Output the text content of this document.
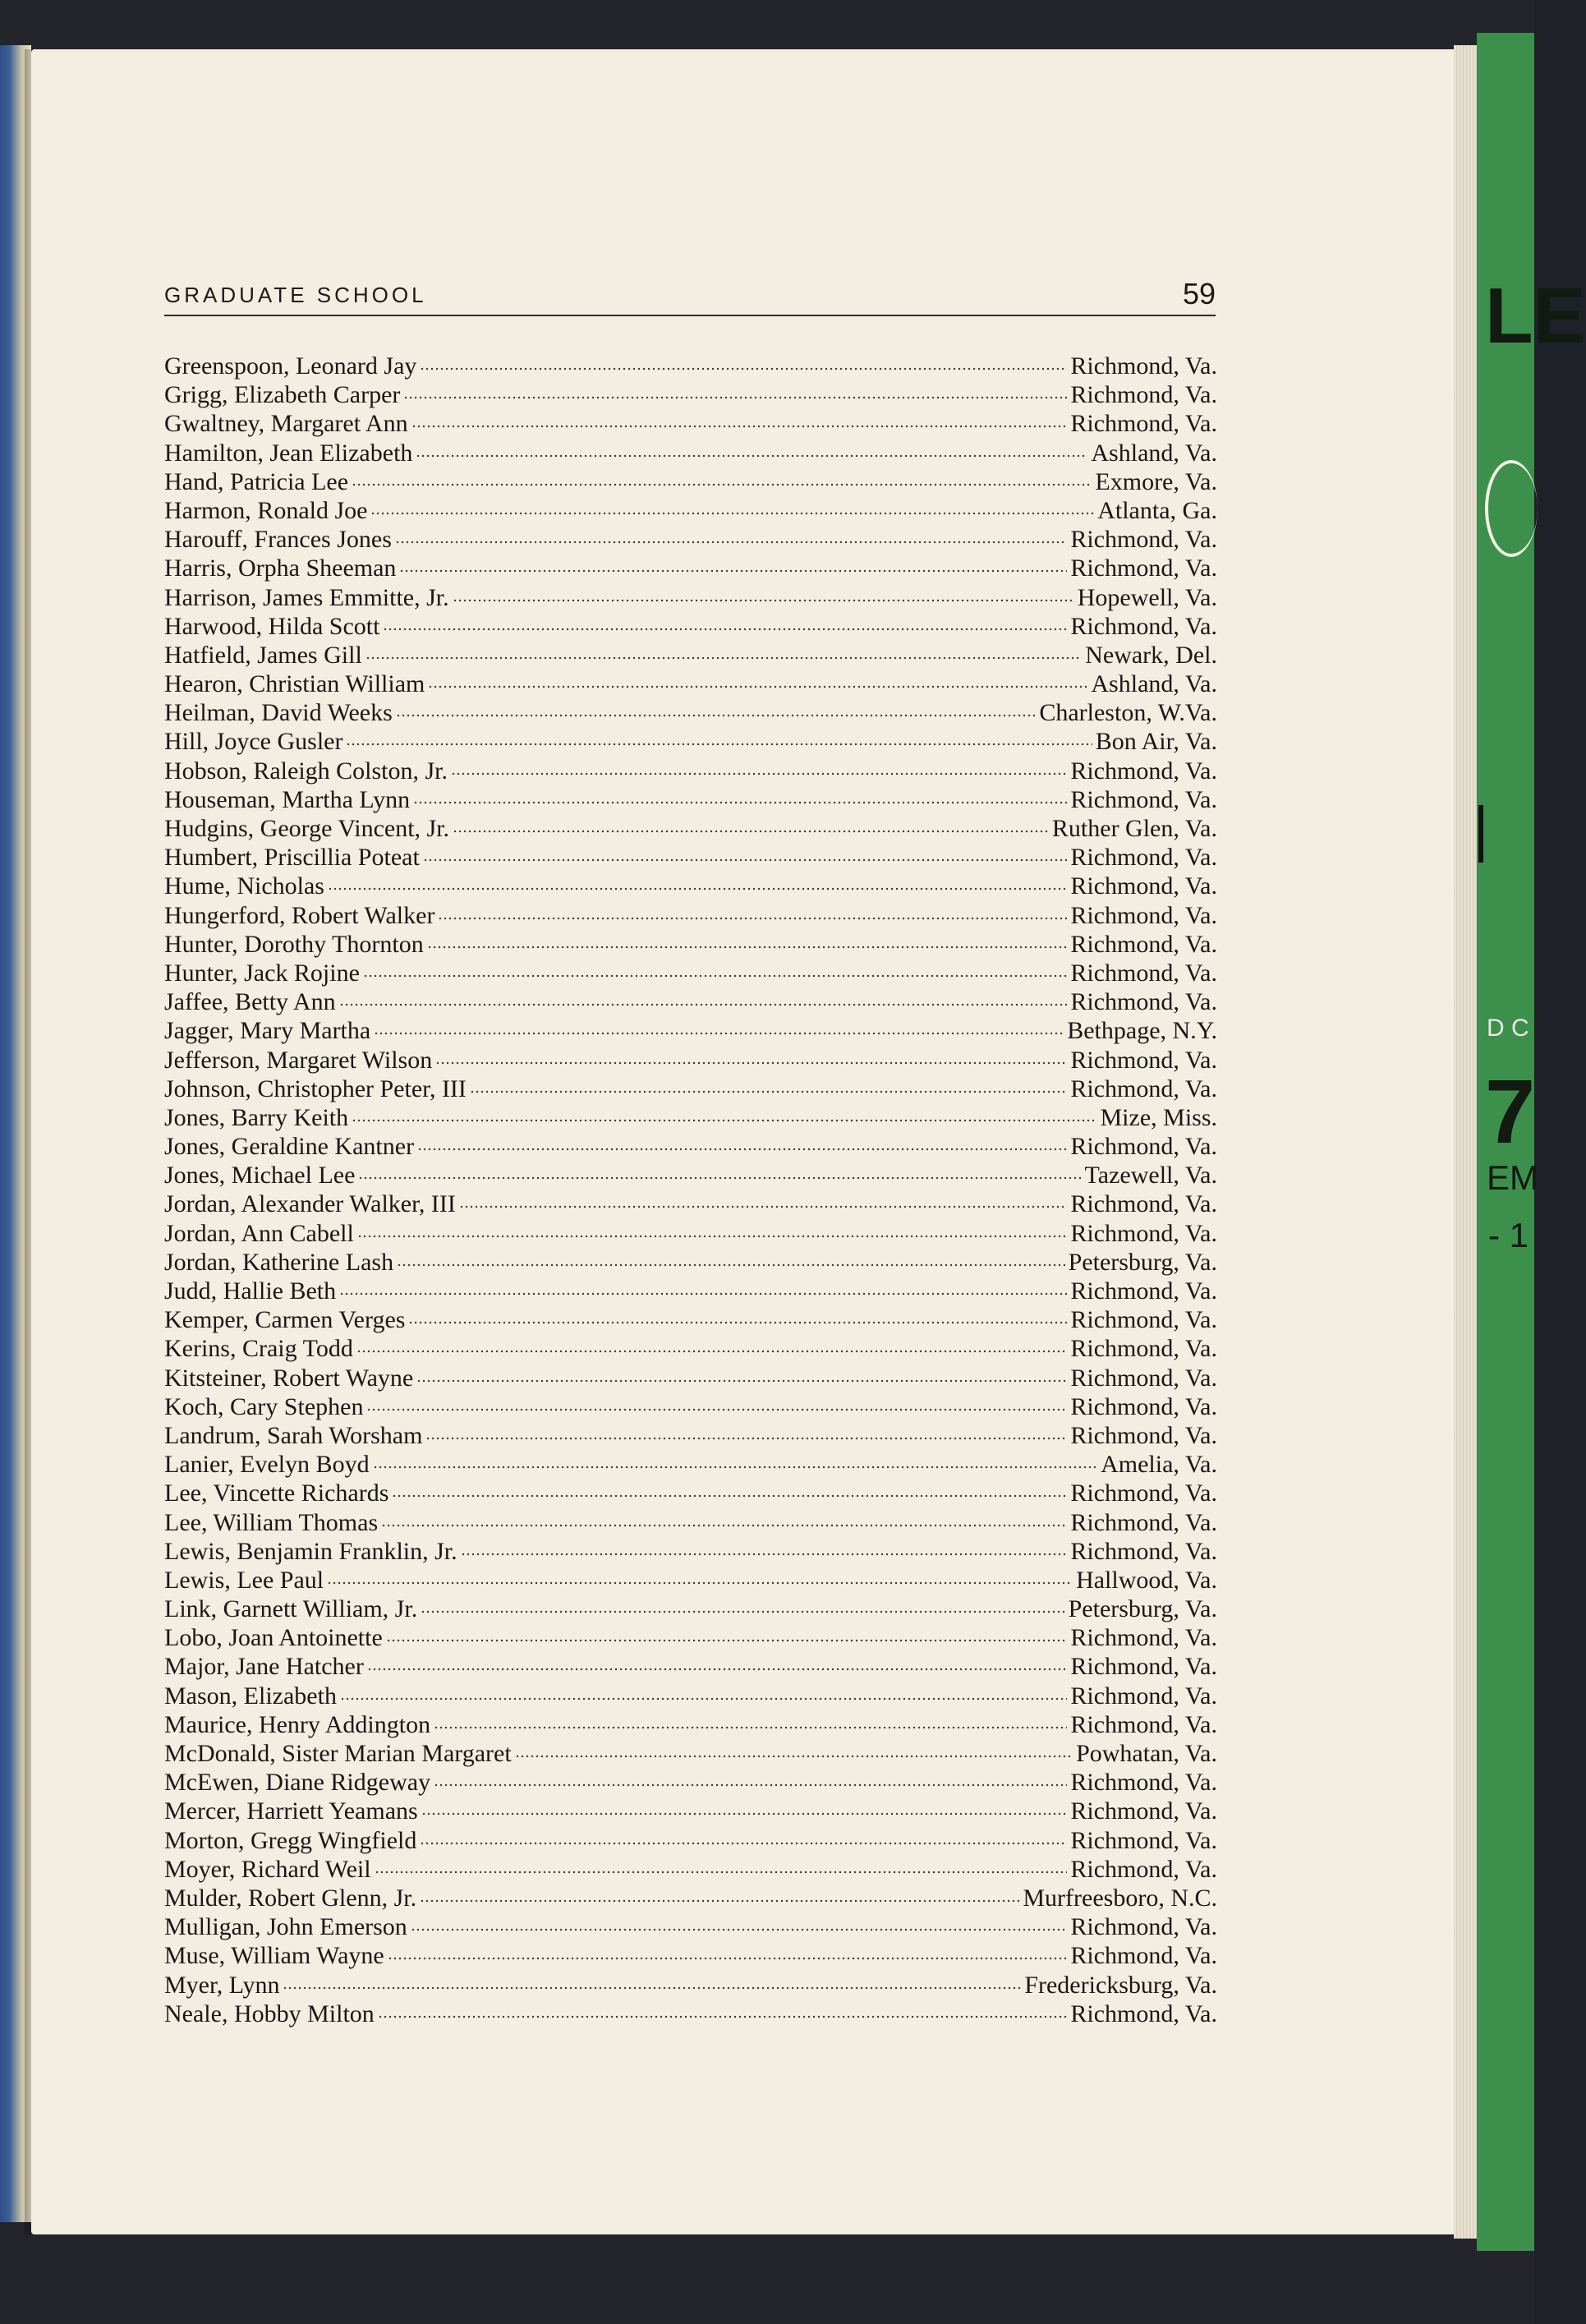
LE
D C
7
EM
- 1
GRADUATE SCHOOL	59
Greenspoon, Leonard Jay	Richmond, Va.
Grigg, Elizabeth Carper	Richmond, Va.
Gwaltney, Margaret Ann	Richmond, Va.
Hamilton, Jean Elizabeth	Ashland, Va.
Hand, Patricia Lee	Exmore, Va.
Harmon, Ronald Joe	Atlanta, Ga.
Harouff, Frances Jones	Richmond, Va.
Harris, Orpha Sheeman	Richmond, Va.
Harrison, James Emmitte, Jr.	Hopewell, Va.
Harwood, Hilda Scott	Richmond, Va.
Hatfield, James Gill	Newark, Del.
Hearon, Christian William	Ashland, Va.
Heilman, David Weeks	Charleston, W.Va.
Hill, Joyce Gusler	Bon Air, Va.
Hobson, Raleigh Colston, Jr.	Richmond, Va.
Houseman, Martha Lynn	Richmond, Va.
Hudgins, George Vincent, Jr.	Ruther Glen, Va.
Humbert, Priscillia Poteat	Richmond, Va.
Hume, Nicholas	Richmond, Va.
Hungerford, Robert Walker	Richmond, Va.
Hunter, Dorothy Thornton	Richmond, Va.
Hunter, Jack Rojine	Richmond, Va.
Jaffee, Betty Ann	Richmond, Va.
Jagger, Mary Martha	Bethpage, N.Y.
Jefferson, Margaret Wilson	Richmond, Va.
Johnson, Christopher Peter, III	Richmond, Va.
Jones, Barry Keith	Mize, Miss.
Jones, Geraldine Kantner	Richmond, Va.
Jones, Michael Lee	Tazewell, Va.
Jordan, Alexander Walker, III	Richmond, Va.
Jordan, Ann Cabell	Richmond, Va.
Jordan, Katherine Lash	Petersburg, Va.
Judd, Hallie Beth	Richmond, Va.
Kemper, Carmen Verges	Richmond, Va.
Kerins, Craig Todd	Richmond, Va.
Kitsteiner, Robert Wayne	Richmond, Va.
Koch, Cary Stephen	Richmond, Va.
Landrum, Sarah Worsham	Richmond, Va.
Lanier, Evelyn Boyd	Amelia, Va.
Lee, Vincette Richards	Richmond, Va.
Lee, William Thomas	Richmond, Va.
Lewis, Benjamin Franklin, Jr.	Richmond, Va.
Lewis, Lee Paul	Hallwood, Va.
Link, Garnett William, Jr.	Petersburg, Va.
Lobo, Joan Antoinette	Richmond, Va.
Major, Jane Hatcher	Richmond, Va.
Mason, Elizabeth	Richmond, Va.
Maurice, Henry Addington	Richmond, Va.
McDonald, Sister Marian Margaret	Powhatan, Va.
McEwen, Diane Ridgeway	Richmond, Va.
Mercer, Harriett Yeamans	Richmond, Va.
Morton, Gregg Wingfield	Richmond, Va.
Moyer, Richard Weil	Richmond, Va.
Mulder, Robert Glenn, Jr.	Murfreesboro, N.C.
Mulligan, John Emerson	Richmond, Va.
Muse, William Wayne	Richmond, Va.
Myer, Lynn	Fredericksburg, Va.
Neale, Hobby Milton	Richmond, Va.
